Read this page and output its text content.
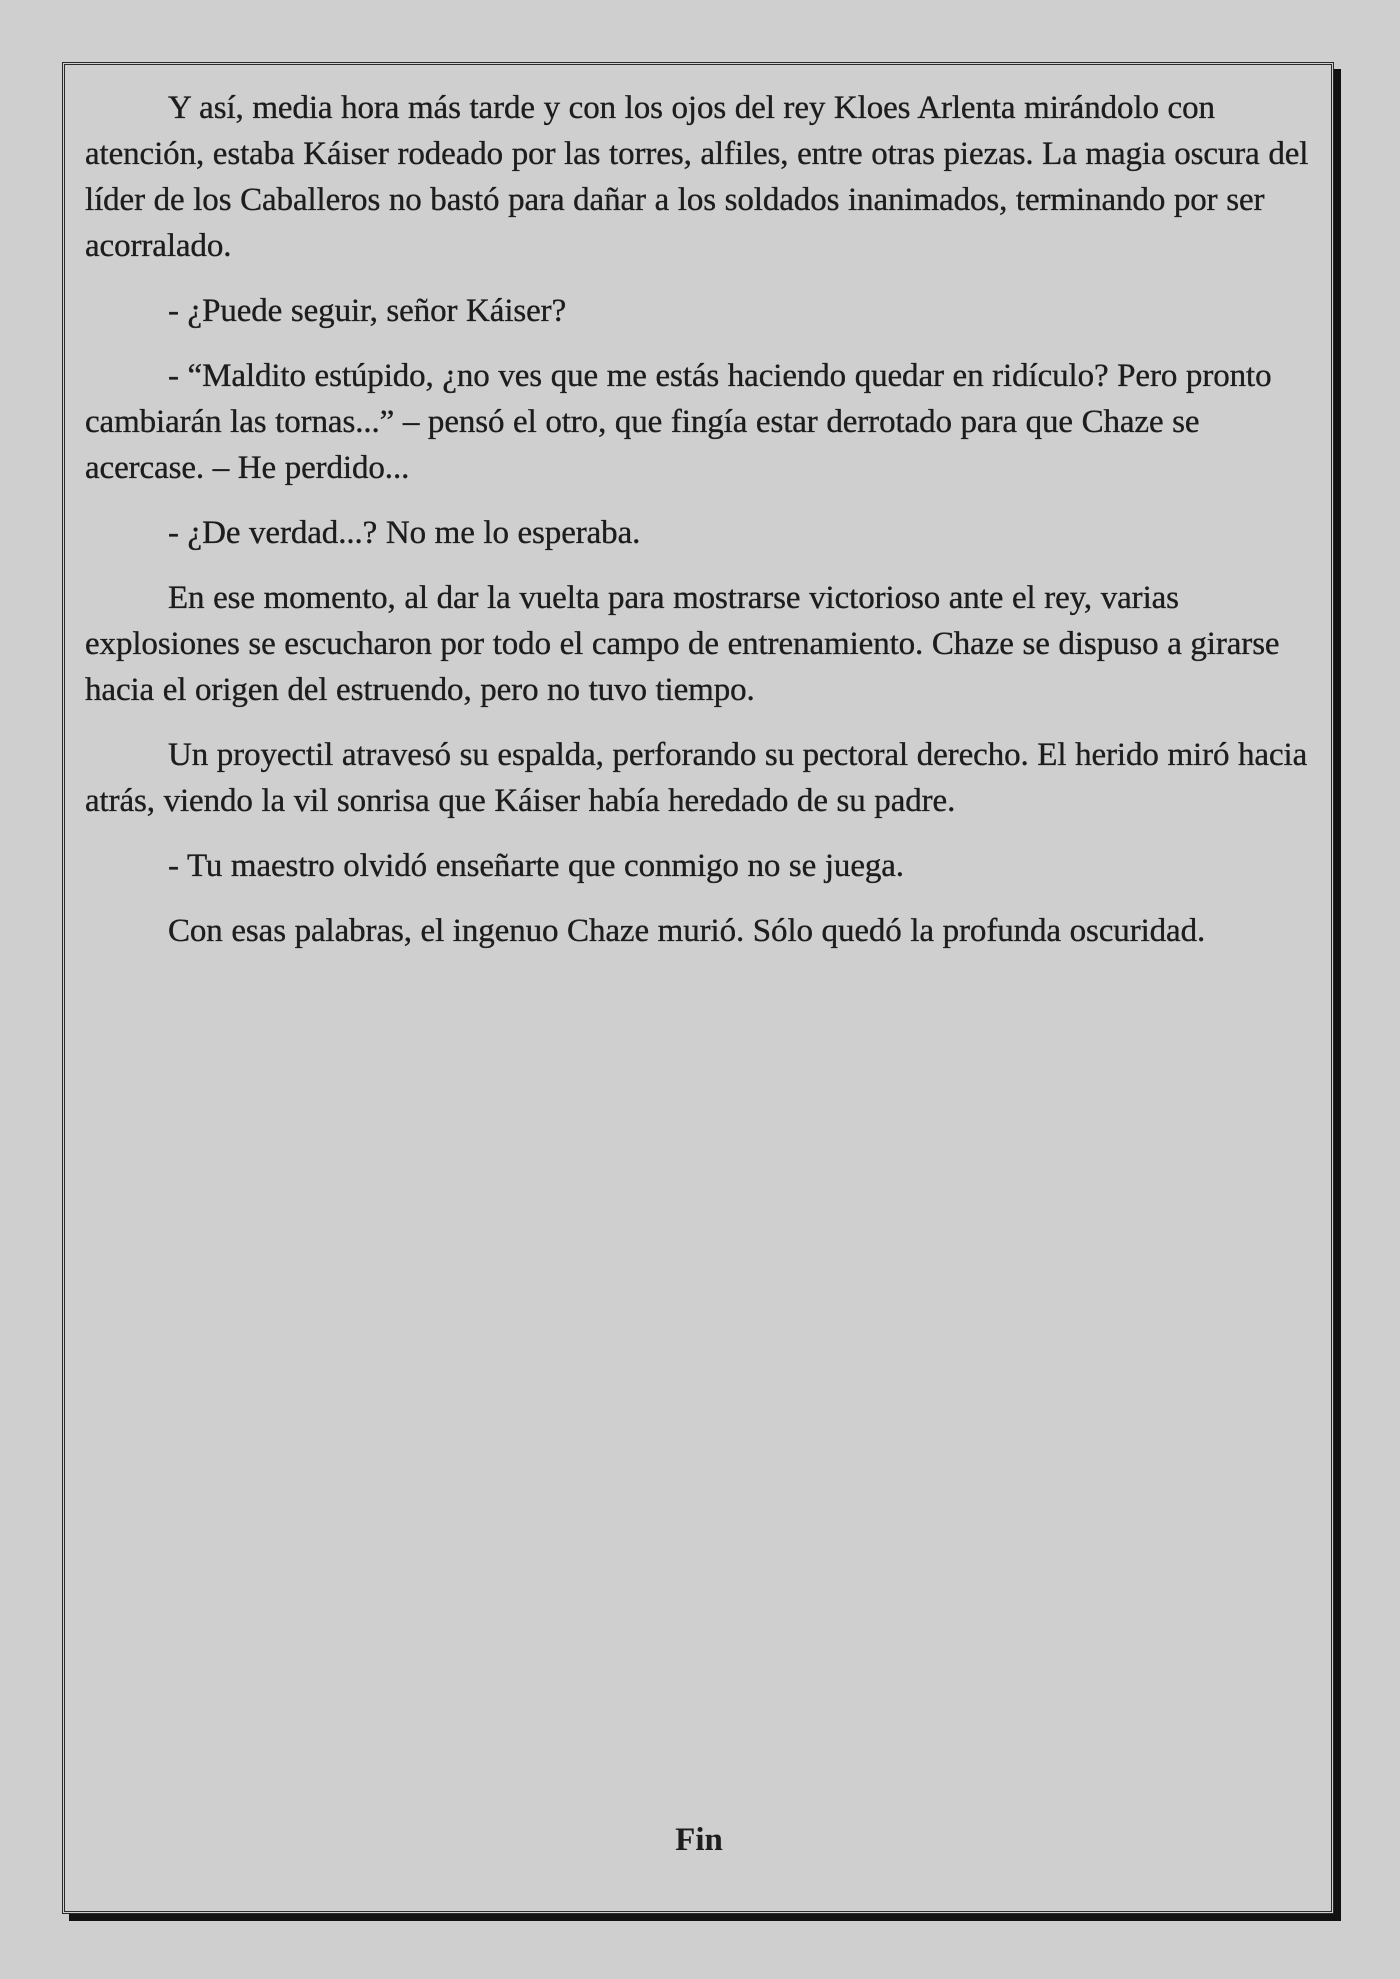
Y así, media hora más tarde y con los ojos del rey Kloes Arlenta mirándolo con atención, estaba Káiser rodeado por las torres, alfiles, entre otras piezas. La magia oscura del líder de los Caballeros no bastó para dañar a los soldados inanimados, terminando por ser acorralado.

- ¿Puede seguir, señor Káiser?

- “Maldito estúpido, ¿no ves que me estás haciendo quedar en ridículo? Pero pronto cambiarán las tornas...” – pensó el otro, que fingía estar derrotado para que Chaze se acercase. – He perdido...

- ¿De verdad...? No me lo esperaba.

En ese momento, al dar la vuelta para mostrarse victorioso ante el rey, varias explosiones se escucharon por todo el campo de entrenamiento. Chaze se dispuso a girarse hacia el origen del estruendo, pero no tuvo tiempo.

Un proyectil atravesó su espalda, perforando su pectoral derecho. El herido miró hacia atrás, viendo la vil sonrisa que Káiser había heredado de su padre.

- Tu maestro olvidó enseñarte que conmigo no se juega.

Con esas palabras, el ingenuo Chaze murió. Sólo quedó la profunda oscuridad.

Fin
